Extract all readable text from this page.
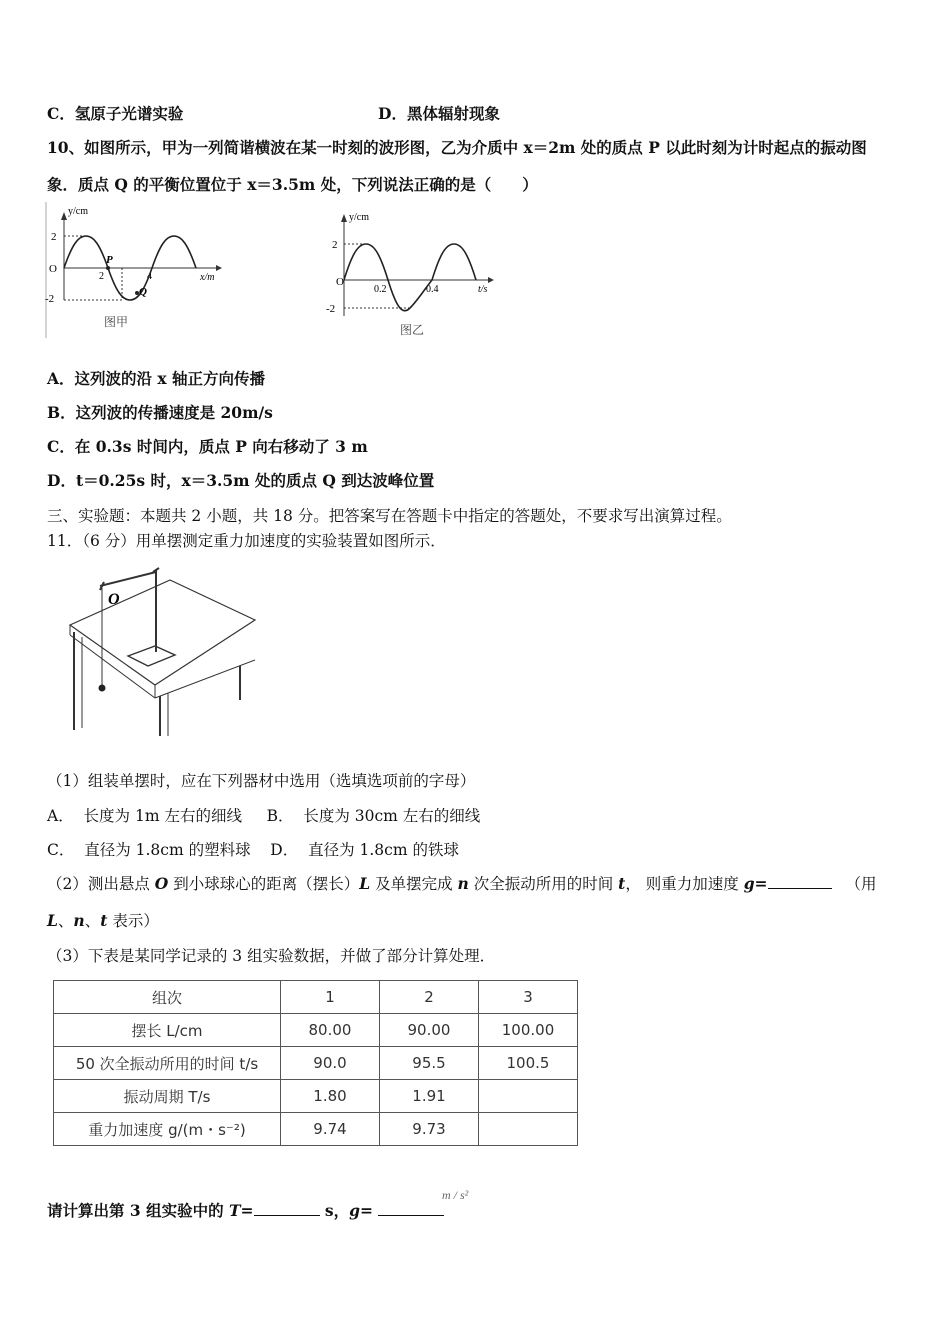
C．氢原子光谱实验	D．黑体辐射现象
10、如图所示，甲为一列简谐横波在某一时刻的波形图，乙为介质中 x＝2m 处的质点 P 以此时刻为计时起点的振动图
象．质点 Q 的平衡位置位于 x＝3.5m 处，下列说法正确的是（　　）
y/cm
x/m
O
2
-2
2	4
P
Q
图甲
y/cm
t/s
O
2
-2
0.2	0.4
图乙
A．这列波的沿 x 轴正方向传播
B．这列波的传播速度是 20m/s
C．在 0.3s 时间内，质点 P 向右移动了 3 m
D．t＝0.25s 时，x＝3.5m 处的质点 Q 到达波峰位置
三、实验题：本题共 2 小题，共 18 分。把答案写在答题卡中指定的答题处，不要求写出演算过程。
11．（6 分）用单摆测定重力加速度的实验装置如图所示．
O
（1）组装单摆时，应在下列器材中选用（选填选项前的字母）
A．  长度为 1m 左右的细线     B．  长度为 30cm 左右的细线
C．  直径为 1.8cm 的塑料球    D．  直径为 1.8cm 的铁球
（2）测出悬点 O 到小球球心的距离（摆长）L 及单摆完成 n 次全振动所用的时间 t， 则重力加速度 g=	（用
L、n、t 表示）
（3）下表是某同学记录的 3 组实验数据，并做了部分计算处理．
组次	1	2	3
摆长 L/cm	80.00	90.00	100.00
50 次全振动所用的时间 t/s	90.0	95.5	100.5
振动周期 T/s	1.80	1.91	
重力加速度 g/(m・s⁻²)	9.74	9.73	
请计算出第 3 组实验中的 T=	s，g=
m / s²
